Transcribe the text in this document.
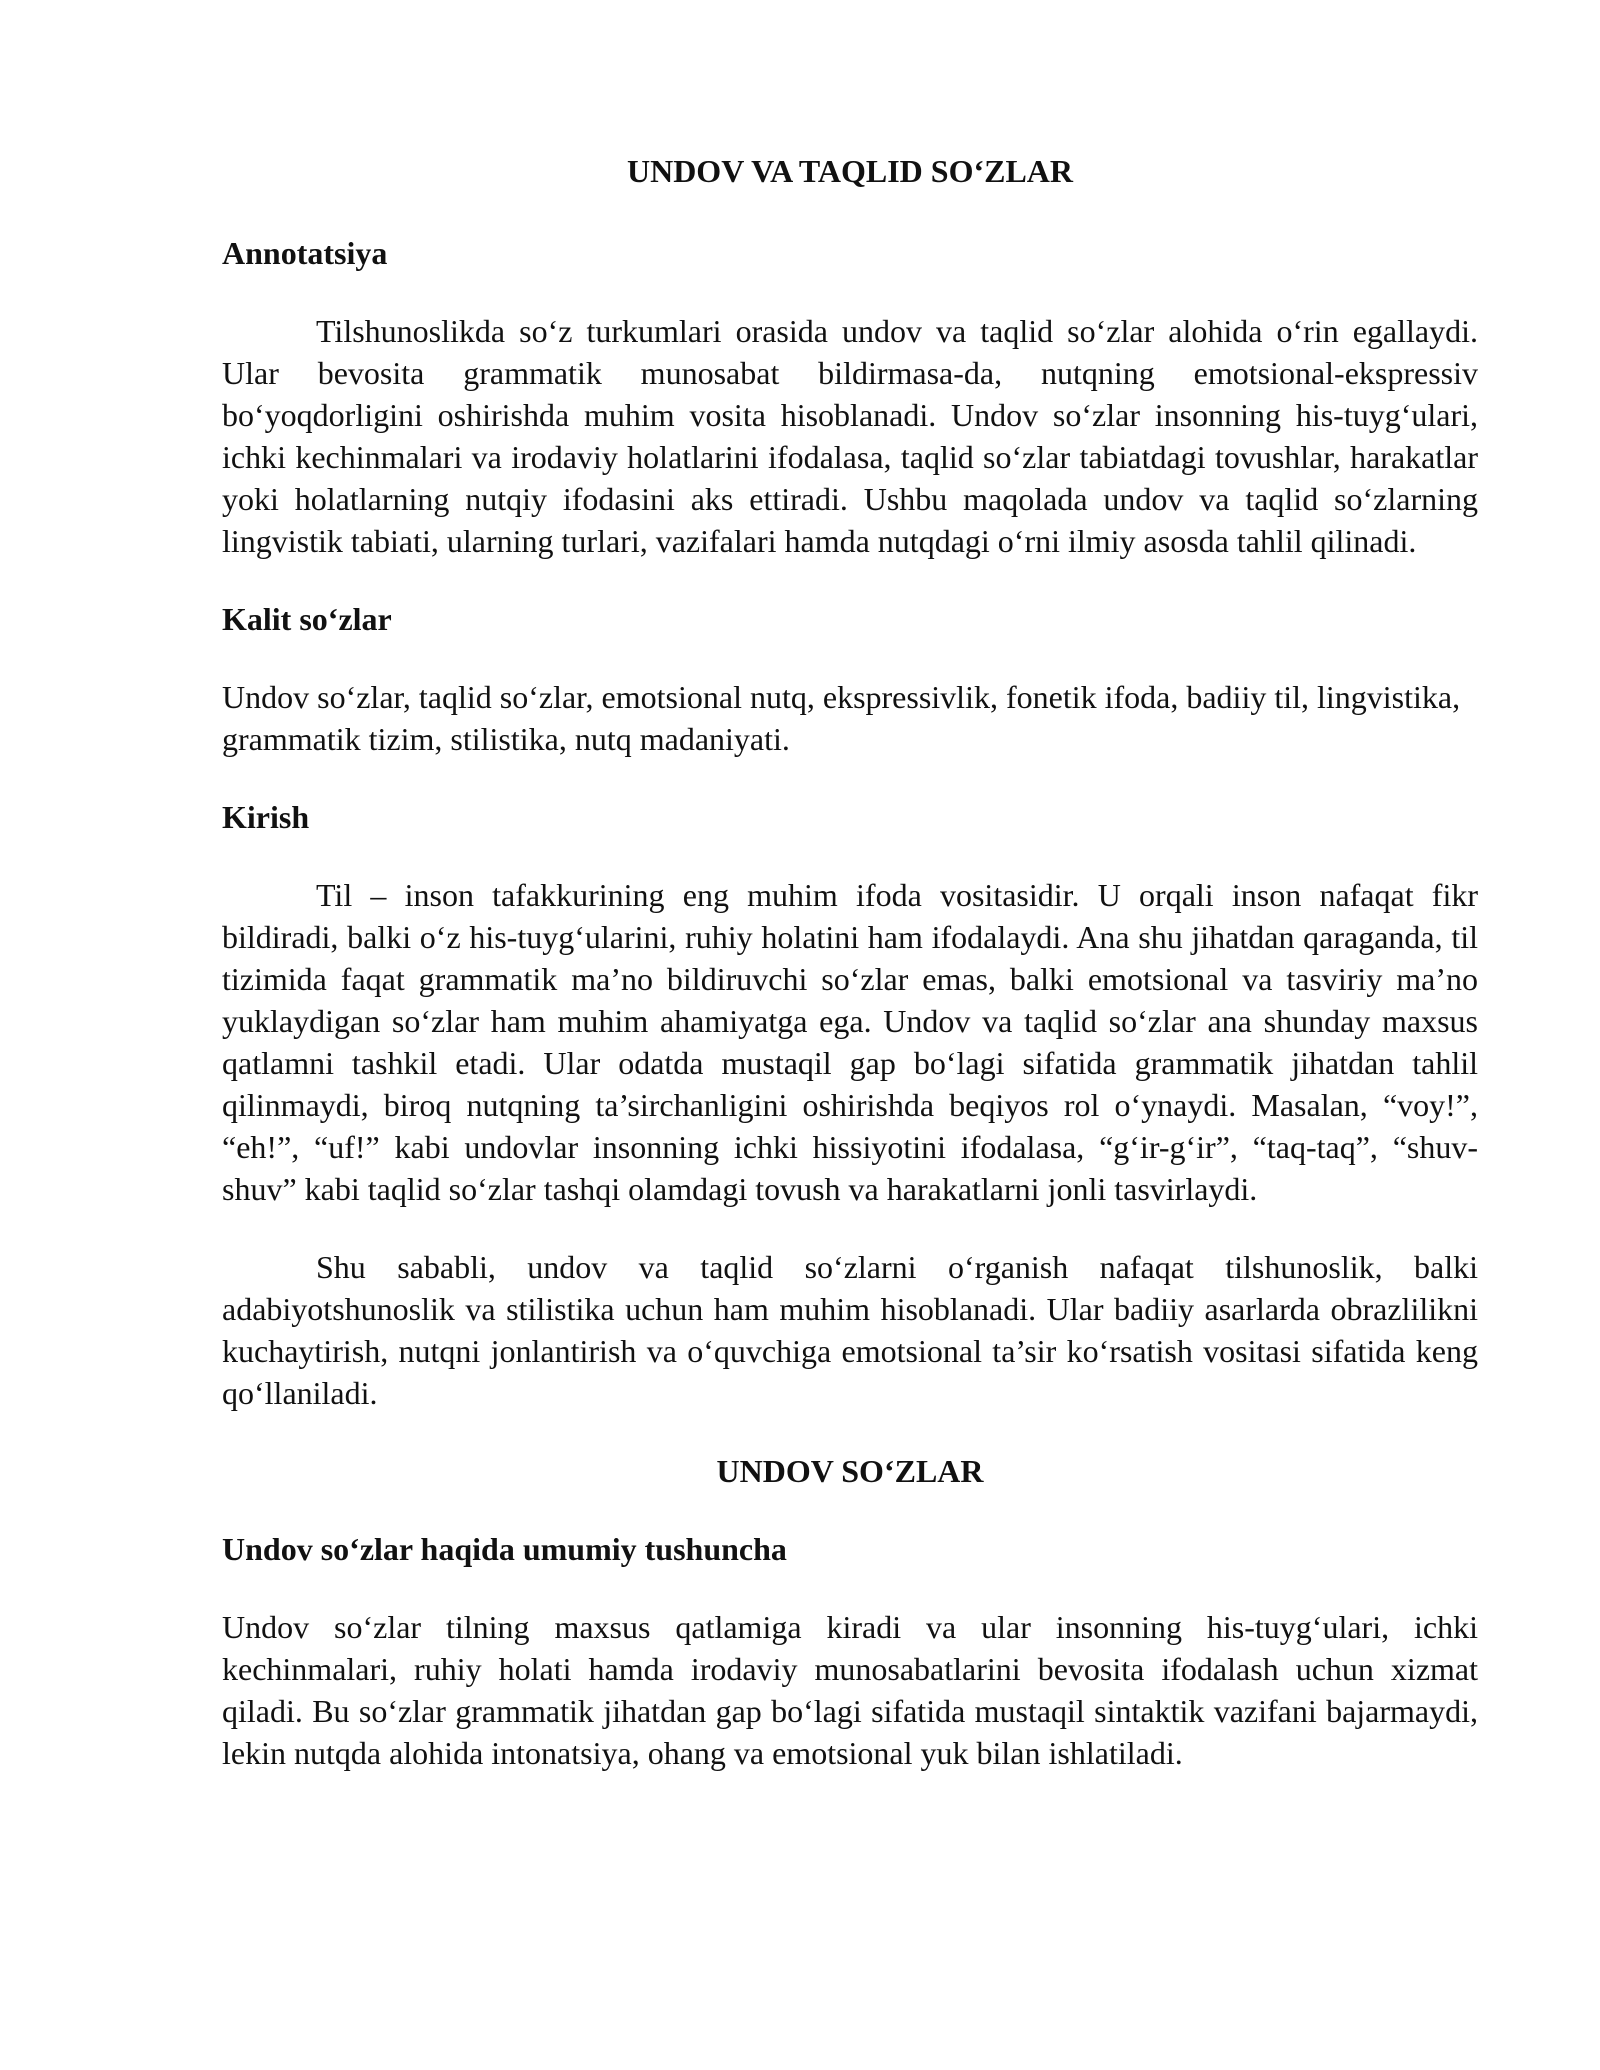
UNDOV VA TAQLID SO‘ZLAR
Annotatsiya

Tilshunoslikda so‘z turkumlari orasida undov va taqlid so‘zlar alohida o‘rin egallaydi. Ular bevosita grammatik munosabat bildirmasa-da, nutqning emotsional-ekspressiv bo‘yoqdorligini oshirishda muhim vosita hisoblanadi. Undov so‘zlar insonning his-tuyg‘ulari, ichki kechinmalari va irodaviy holatlarini ifodalasa, taqlid so‘zlar tabiatdagi tovushlar, harakatlar yoki holatlarning nutqiy ifodasini aks ettiradi. Ushbu maqolada undov va taqlid so‘zlarning lingvistik tabiati, ularning turlari, vazifalari hamda nutqdagi o‘rni ilmiy asosda tahlil qilinadi.

Kalit so‘zlar

Undov so‘zlar, taqlid so‘zlar, emotsional nutq, ekspressivlik, fonetik ifoda, badiiy til, lingvistika, grammatik tizim, stilistika, nutq madaniyati.

Kirish

Til – inson tafakkurining eng muhim ifoda vositasidir. U orqali inson nafaqat fikr bildiradi, balki o‘z his-tuyg‘ularini, ruhiy holatini ham ifodalaydi. Ana shu jihatdan qaraganda, til tizimida faqat grammatik ma’no bildiruvchi so‘zlar emas, balki emotsional va tasviriy ma’no yuklaydigan so‘zlar ham muhim ahamiyatga ega. Undov va taqlid so‘zlar ana shunday maxsus qatlamni tashkil etadi. Ular odatda mustaqil gap bo‘lagi sifatida grammatik jihatdan tahlil qilinmaydi, biroq nutqning ta’sirchanligini oshirishda beqiyos rol o‘ynaydi. Masalan, “voy!”, “eh!”, “uf!” kabi undovlar insonning ichki hissiyotini ifodalasa, “g‘ir-g‘ir”, “taq-taq”, “shuv-shuv” kabi taqlid so‘zlar tashqi olamdagi tovush va harakatlarni jonli tasvirlaydi.

Shu sababli, undov va taqlid so‘zlarni o‘rganish nafaqat tilshunoslik, balki adabiyotshunoslik va stilistika uchun ham muhim hisoblanadi. Ular badiiy asarlarda obrazlilikni kuchaytirish, nutqni jonlantirish va o‘quvchiga emotsional ta’sir ko‘rsatish vositasi sifatida keng qo‘llaniladi.

UNDOV SO‘ZLAR
Undov so‘zlar haqida umumiy tushuncha

Undov so‘zlar tilning maxsus qatlamiga kiradi va ular insonning his-tuyg‘ulari, ichki kechinmalari, ruhiy holati hamda irodaviy munosabatlarini bevosita ifodalash uchun xizmat qiladi. Bu so‘zlar grammatik jihatdan gap bo‘lagi sifatida mustaqil sintaktik vazifani bajarmaydi, lekin nutqda alohida intonatsiya, ohang va emotsional yuk bilan ishlatiladi.
